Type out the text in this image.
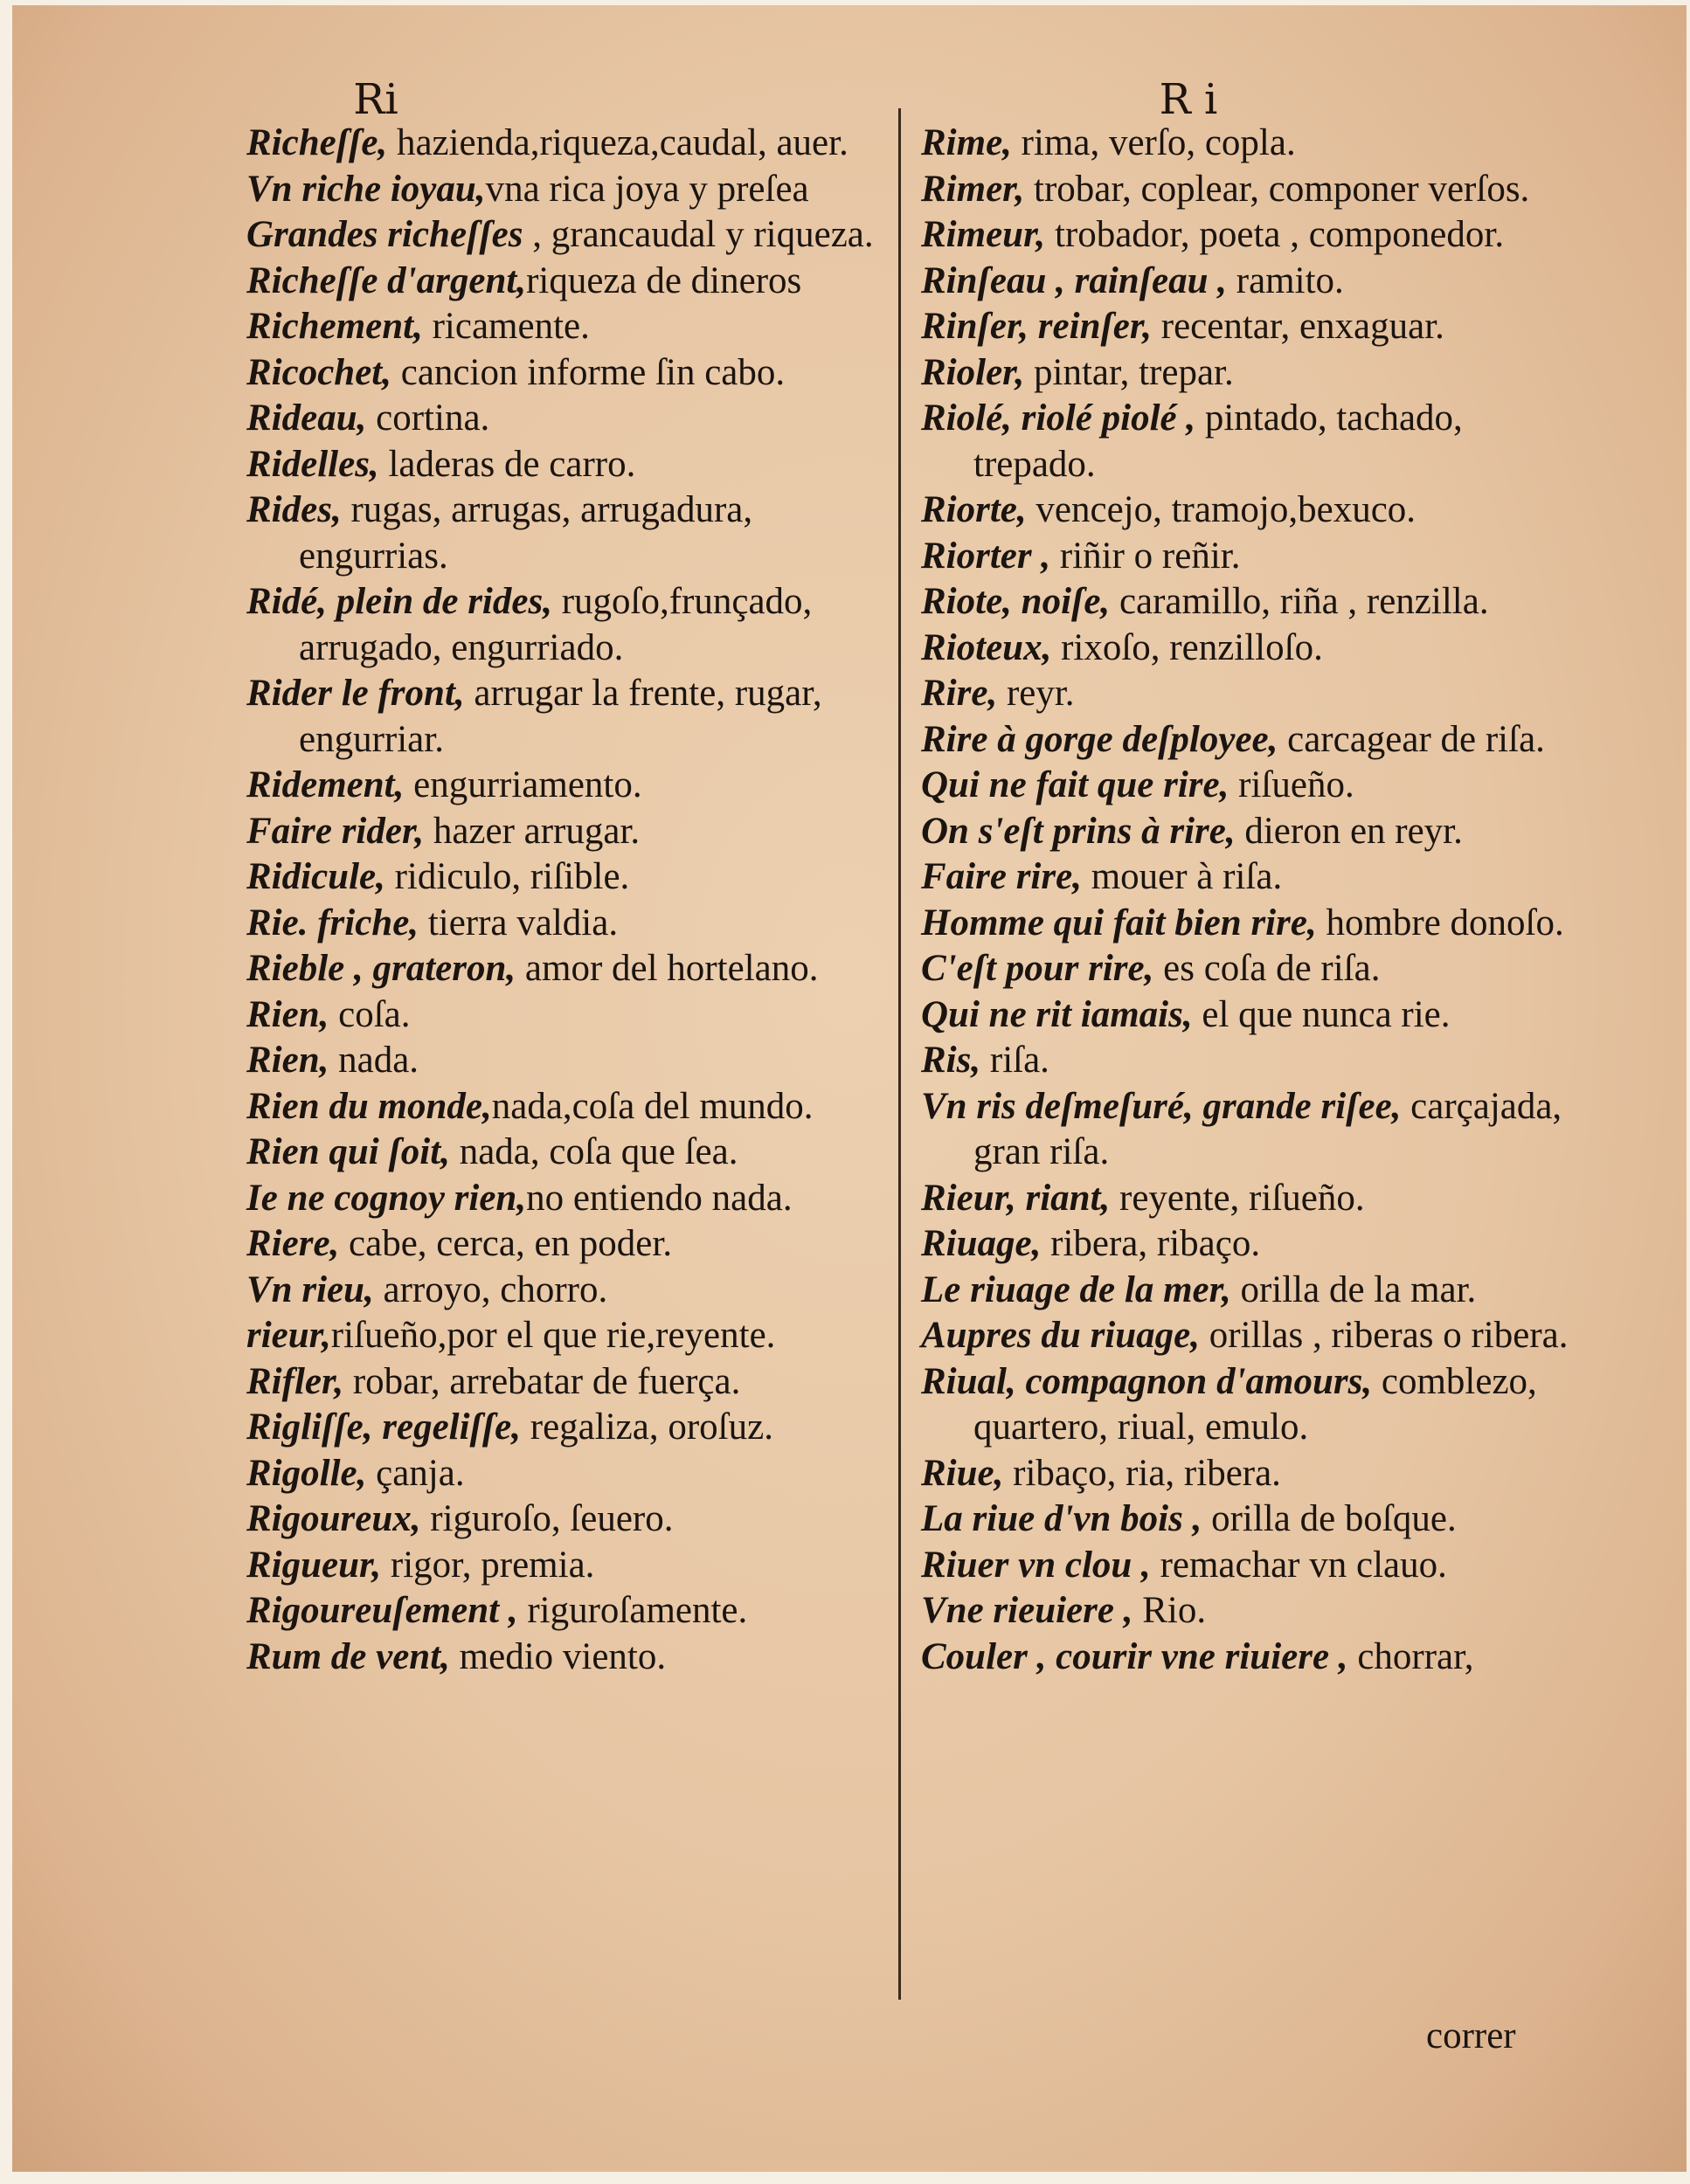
Ri	R i
Richeſſe, hazienda,riqueza,caudal, auer.
Vn riche ioyau,vna rica joya y preſea
Grandes richeſſes , grancaudal y riqueza.
Richeſſe d'argent,riqueza de dineros
Richement, ricamente.
Ricochet, cancion informe ſin cabo.
Rideau, cortina.
Ridelles, laderas de carro.
Rides, rugas, arrugas, arrugadura, engurrias.
Ridé, plein de rides, rugoſo,frunçado, arrugado, engurriado.
Rider le front, arrugar la frente, rugar, engurriar.
Ridement, engurriamento.
Faire rider, hazer arrugar.
Ridicule, ridiculo, riſible.
Rie. friche, tierra valdia.
Rieble , grateron, amor del hortelano.
Rien, coſa.
Rien, nada.
Rien du monde,nada,coſa del mundo.
Rien qui ſoit, nada, coſa que ſea.
Ie ne cognoy rien,no entiendo nada.
Riere, cabe, cerca, en poder.
Vn rieu, arroyo, chorro.
rieur,riſueño,por el que rie,reyente.
Rifler, robar, arrebatar de fuerça.
Rigliſſe, regeliſſe, regaliza, oroſuz.
Rigolle, çanja.
Rigoureux, riguroſo, ſeuero.
Rigueur, rigor, premia.
Rigoureuſement , riguroſamente.
Rum de vent, medio viento.
Rime, rima, verſo, copla.
Rimer, trobar, coplear, componer verſos.
Rimeur, trobador, poeta , componedor.
Rinſeau , rainſeau , ramito.
Rinſer, reinſer, recentar, enxaguar.
Rioler, pintar, trepar.
Riolé, riolé piolé , pintado, tachado, trepado.
Riorte, vencejo, tramojo,bexuco.
Riorter , riñir o reñir.
Riote, noiſe, caramillo, riña , renzilla.
Rioteux, rixoſo, renzilloſo.
Rire, reyr.
Rire à gorge deſployee, carcagear de riſa.
Qui ne fait que rire, riſueño.
On s'eſt prins à rire, dieron en reyr.
Faire rire, mouer à riſa.
Homme qui fait bien rire, hombre donoſo.
C'eſt pour rire, es coſa de riſa.
Qui ne rit iamais, el que nunca rie.
Ris, riſa.
Vn ris deſmeſuré, grande riſee, carçajada, gran riſa.
Rieur, riant, reyente, riſueño.
Riuage, ribera, ribaço.
Le riuage de la mer, orilla de la mar.
Aupres du riuage, orillas , riberas o ribera.
Riual, compagnon d'amours, comblezo, quartero, riual, emulo.
Riue, ribaço, ria, ribera.
La riue d'vn bois , orilla de boſque.
Riuer vn clou , remachar vn clauo.
Vne rieuiere , Rio.
Couler , courir vne riuiere , chorrar,
correr
